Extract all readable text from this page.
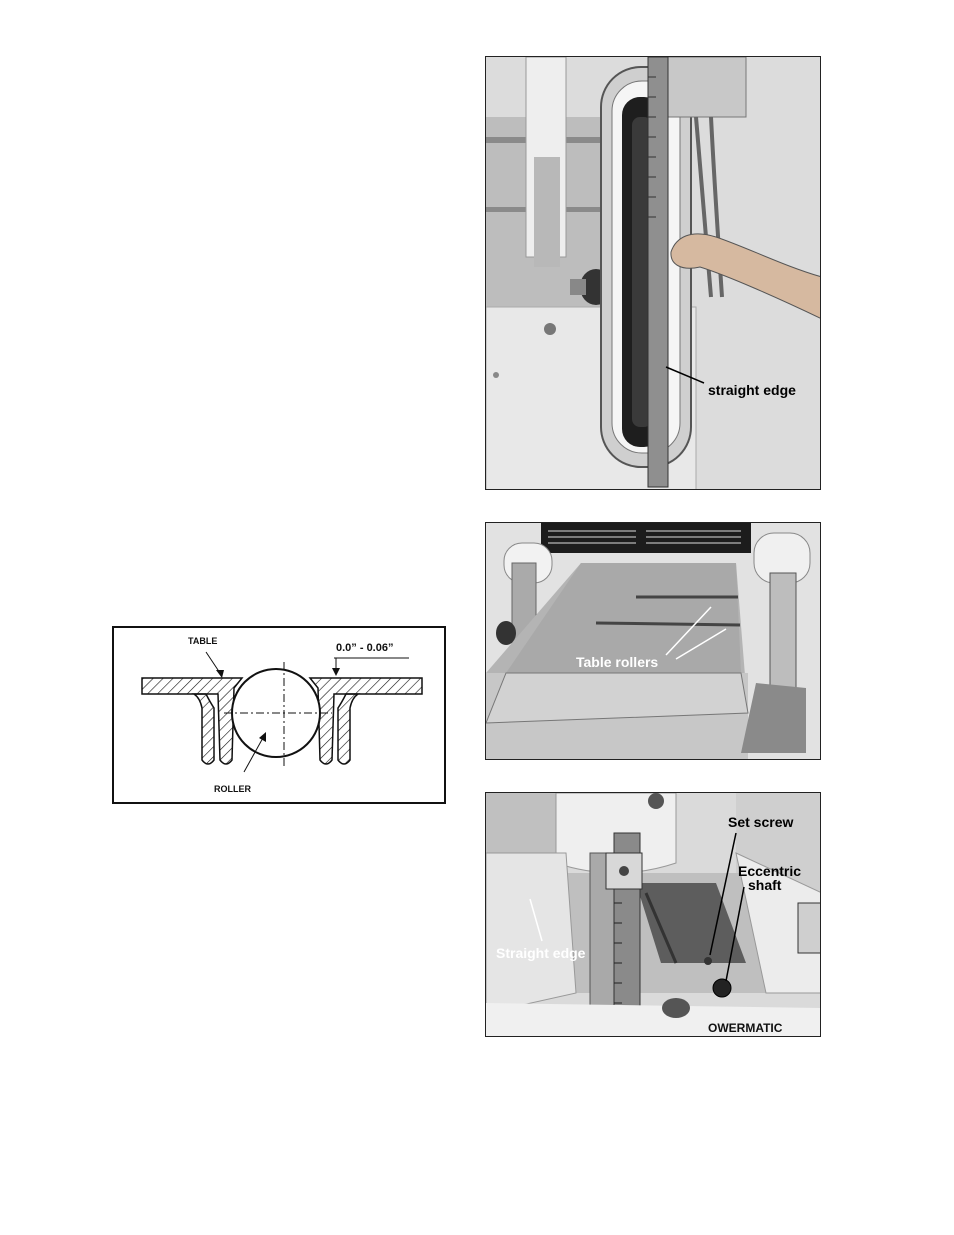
straight edge
Table rollers
TABLE
0.0” - 0.06”
ROLLER
Set screw
Eccentric
shaft
Straight edge
OWERMATIC
